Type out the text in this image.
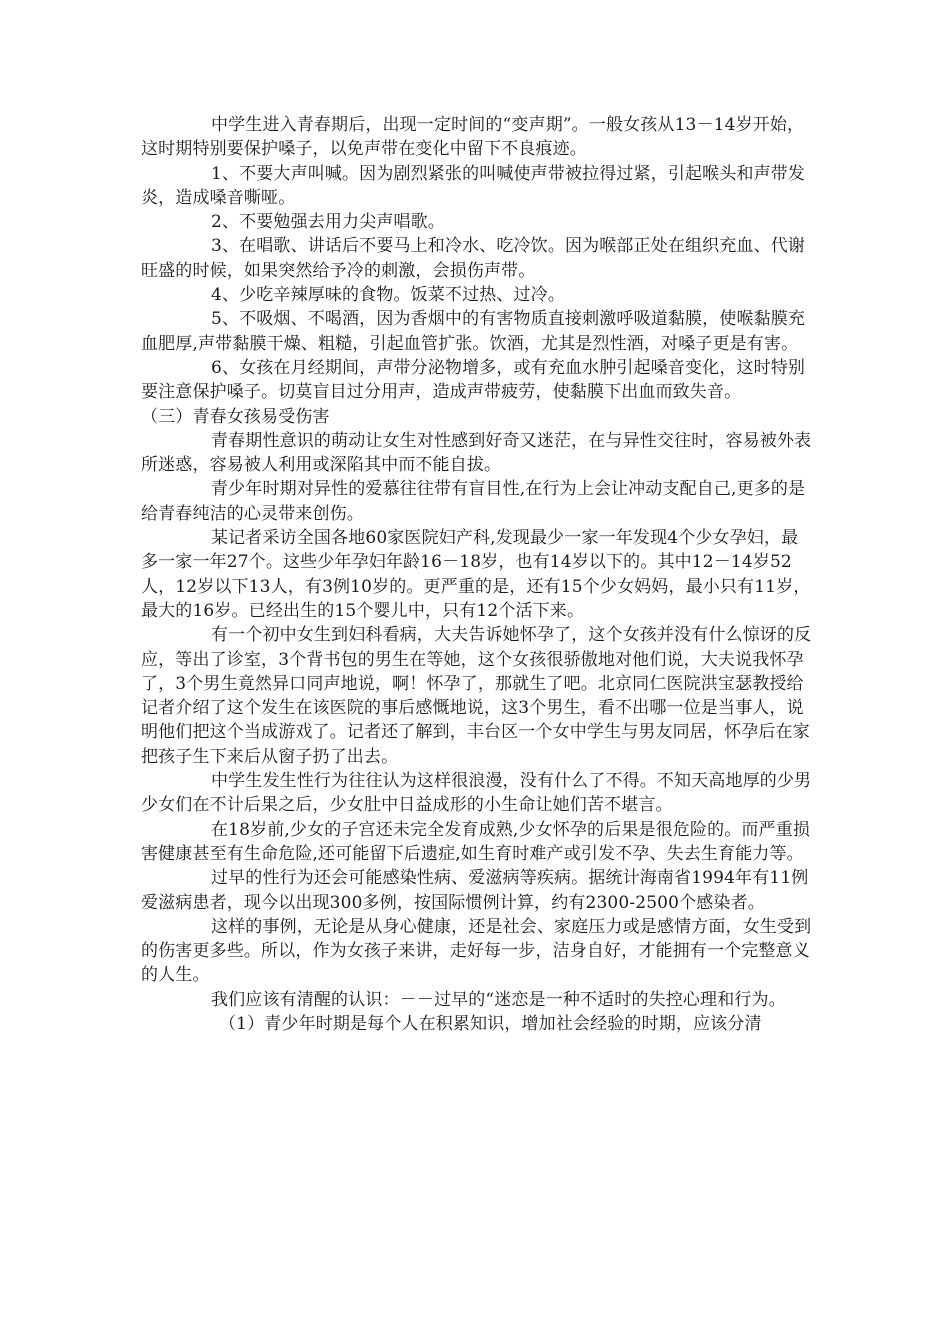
中学生进入青春期后，出现一定时间的“变声期”。一般女孩从13－14岁开始，这时期特别要保护嗓子，以免声带在变化中留下不良痕迹。

1、不要大声叫喊。因为剧烈紧张的叫喊使声带被拉得过紧，引起喉头和声带发炎，造成嗓音嘶哑。

2、不要勉强去用力尖声唱歌。

3、在唱歌、讲话后不要马上和冷水、吃冷饮。因为喉部正处在组织充血、代谢旺盛的时候，如果突然给予冷的刺激，会损伤声带。

4、少吃辛辣厚味的食物。饭菜不过热、过冷。

5、不吸烟、不喝酒，因为香烟中的有害物质直接刺激呼吸道黏膜，使喉黏膜充血肥厚,声带黏膜干燥、粗糙，引起血管扩张。饮酒，尤其是烈性酒，对嗓子更是有害。

6、女孩在月经期间，声带分泌物增多，或有充血水肿引起嗓音变化，这时特别要注意保护嗓子。切莫盲目过分用声，造成声带疲劳，使黏膜下出血而致失音。

（三）青春女孩易受伤害

青春期性意识的萌动让女生对性感到好奇又迷茫，在与异性交往时，容易被外表所迷惑，容易被人利用或深陷其中而不能自拔。

青少年时期对异性的爱慕往往带有盲目性,在行为上会让冲动支配自己,更多的是给青春纯洁的心灵带来创伤。

某记者采访全国各地60家医院妇产科,发现最少一家一年发现4个少女孕妇，最多一家一年27个。这些少年孕妇年龄16－18岁，也有14岁以下的。其中12－14岁52人，12岁以下13人，有3例10岁的。更严重的是，还有15个少女妈妈，最小只有11岁，最大的16岁。已经出生的15个婴儿中，只有12个活下来。

有一个初中女生到妇科看病，大夫告诉她怀孕了，这个女孩并没有什么惊讶的反应，等出了诊室，3个背书包的男生在等她，这个女孩很骄傲地对他们说，大夫说我怀孕了，3个男生竟然异口同声地说，啊！怀孕了，那就生了吧。北京同仁医院洪宝瑟教授给记者介绍了这个发生在该医院的事后感慨地说，这3个男生，看不出哪一位是当事人，说明他们把这个当成游戏了。记者还了解到，丰台区一个女中学生与男友同居，怀孕后在家把孩子生下来后从窗子扔了出去。

中学生发生性行为往往认为这样很浪漫，没有什么了不得。不知天高地厚的少男少女们在不计后果之后，少女肚中日益成形的小生命让她们苦不堪言。

在18岁前,少女的子宫还未完全发育成熟,少女怀孕的后果是很危险的。而严重损害健康甚至有生命危险,还可能留下后遗症,如生育时难产或引发不孕、失去生育能力等。

过早的性行为还会可能感染性病、爱滋病等疾病。据统计海南省1994年有11例爱滋病患者，现今以出现300多例，按国际惯例计算，约有2300-2500个感染者。

这样的事例，无论是从身心健康，还是社会、家庭压力或是感情方面，女生受到的伤害更多些。所以，作为女孩子来讲，走好每一步，洁身自好，才能拥有一个完整意义的人生。

我们应该有清醒的认识：－－过早的“迷恋是一种不适时的失控心理和行为。

（1）青少年时期是每个人在积累知识，增加社会经验的时期，应该分清
